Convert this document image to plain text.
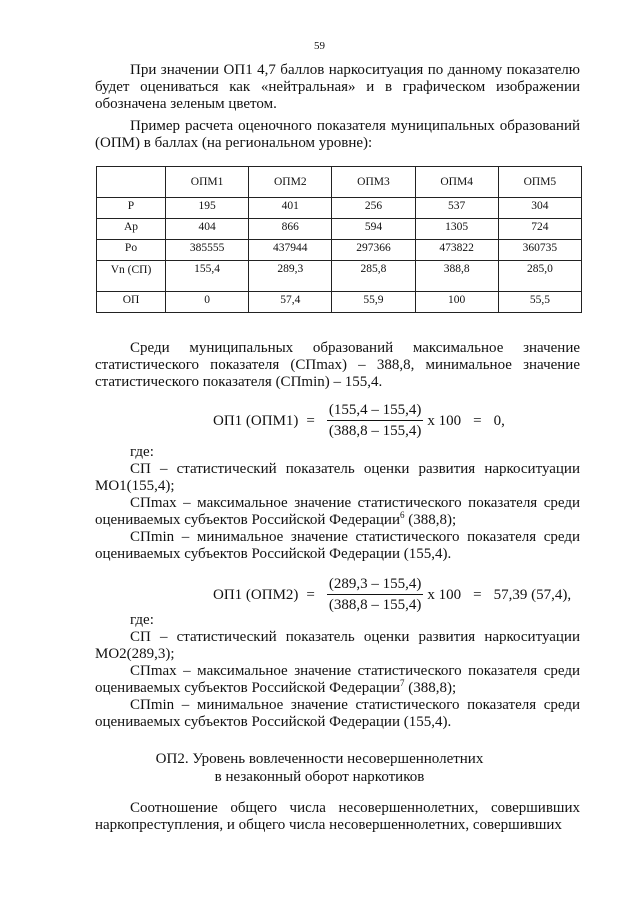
59

При значении ОП1 4,7 баллов наркоситуация по данному показателю будет оцениваться как «нейтральная» и в графическом изображении обозначена зеленым цветом.

Пример расчета оценочного показателя муниципальных образований (ОПМ) в баллах (на региональном уровне):

	ОПМ1	ОПМ2	ОПМ3	ОПМ4	ОПМ5
P	195	401	256	537	304
Ap	404	866	594	1305	724
Po	385555	437944	297366	473822	360735
Vn (СП)	155,4	289,3	285,8	388,8	285,0
ОП	0	57,4	55,9	100	55,5

Среди муниципальных образований максимальное значение статистического показателя (СПmax) – 388,8, минимальное значение статистического показателя (СПmin) – 155,4.

ОП1 $(ОПМ1) = \frac{(155,4 - 155,4)}{(388,8 - 155,4)}$ x 100 = 0,
где:
СП – статистический показатель оценки развития наркоситуации МО1(155,4);
СПmax – максимальное значение статистического показателя среди оцениваемых субъектов Российской Федерации$^6$ (388,8);
СПmin – минимальное значение статистического показателя среди оцениваемых субъектов Российской Федерации (155,4).
ОП1 $(ОПМ2) = \frac{(289,3 - 155,4)}{(388,8 - 155,4)}$ x 100 = 57,39 (57,4),
где:
СП – статистический показатель оценки развития наркоситуации МО2(289,3);
СПmax – максимальное значение статистического показателя среди оцениваемых субъектов Российской Федерации$^7$ (388,8);
СПmin – минимальное значение статистического показателя среди оцениваемых субъектов Российской Федерации (155,4).
ОП2. Уровень вовлеченности несовершеннолетних
в незаконный оборот наркотиков

Соотношение общего числа несовершеннолетних, совершивших наркопреступления, и общего числа несовершеннолетних, совершивших
